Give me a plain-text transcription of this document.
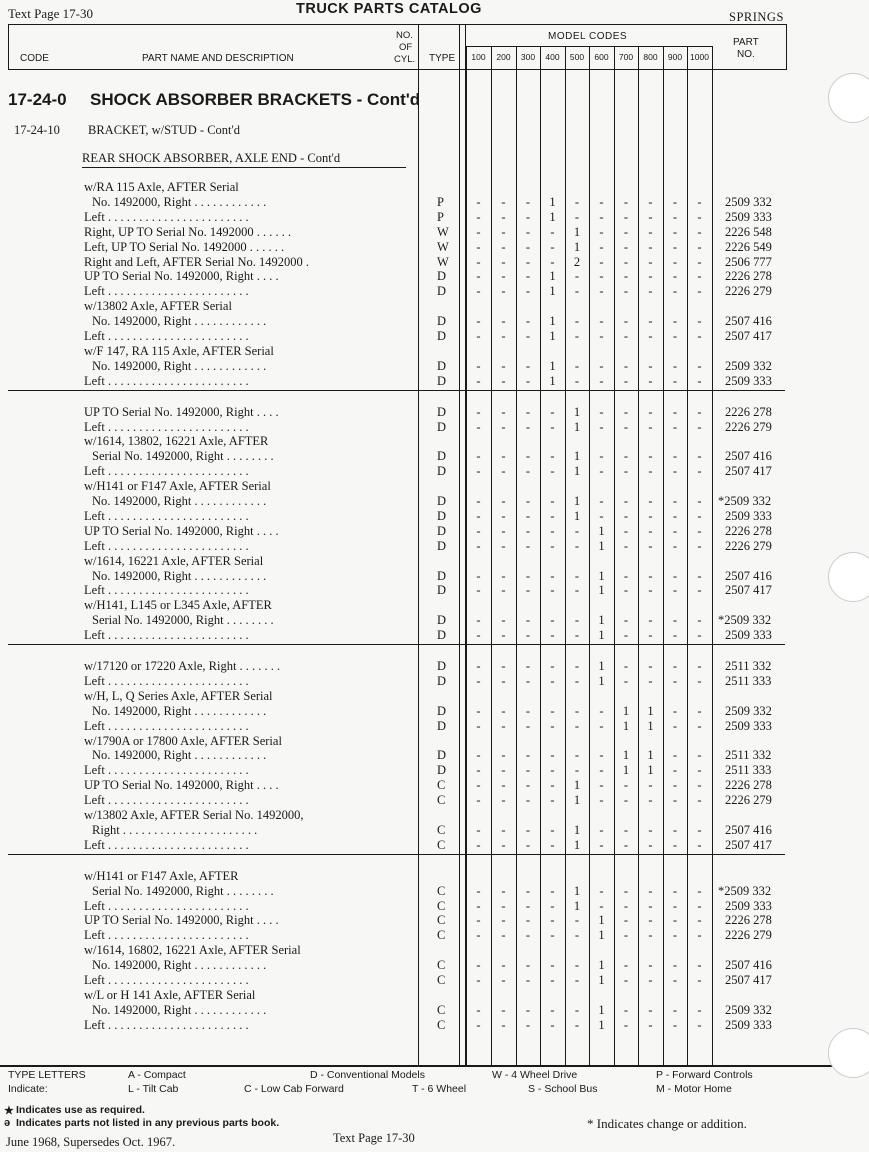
Text Page 17-30	TRUCK PARTS CATALOG	SPRINGS
CODE	PART NAME AND DESCRIPTION
NO.
OF
CYL. TYPE
MODEL CODES
PART
NO.
100	200	300	400	500	600	700	800	900 1000
17-24-0 SHOCK ABSORBER BRACKETS - Cont'd
17-24-10 BRACKET, w/STUD - Cont'd
REAR SHOCK ABSORBER, AXLE END - Cont'd
w/RA 115 Axle, AFTER Serial
No. 1492000, Right . . . . . . . . . . . .	P	-	-	-	1	-	-	-	-	-	-	2509 332
Left . . . . . . . . . . . . . . . . . . . . . . .	P	-	-	-	1	-	-	-	-	-	-	2509 333
Right, UP TO Serial No. 1492000 . . . . . .	W	-	-	-	-	1	-	-	-	-	-	2226 548
Left, UP TO Serial No. 1492000 . . . . . .	W	-	-	-	-	1	-	-	-	-	-	2226 549
Right and Left, AFTER Serial No. 1492000 .	W	-	-	-	-	2	-	-	-	-	-	2506 777
UP TO Serial No. 1492000, Right . . . .	D	-	-	-	1	-	-	-	-	-	-	2226 278
Left . . . . . . . . . . . . . . . . . . . . . . .	D	-	-	-	1	-	-	-	-	-	-	2226 279
w/13802 Axle, AFTER Serial
No. 1492000, Right . . . . . . . . . . . .	D	-	-	-	1	-	-	-	-	-	-	2507 416
Left . . . . . . . . . . . . . . . . . . . . . . .	D	-	-	-	1	-	-	-	-	-	-	2507 417
w/F 147, RA 115 Axle, AFTER Serial
No. 1492000, Right . . . . . . . . . . . .	D	-	-	-	1	-	-	-	-	-	-	2509 332
Left . . . . . . . . . . . . . . . . . . . . . . .	D	-	-	-	1	-	-	-	-	-	-	2509 333
UP TO Serial No. 1492000, Right . . . .	D	-	-	-	-	1	-	-	-	-	-	2226 278
Left . . . . . . . . . . . . . . . . . . . . . . .	D	-	-	-	-	1	-	-	-	-	-	2226 279
w/1614, 13802, 16221 Axle, AFTER
Serial No. 1492000, Right . . . . . . . .	D	-	-	-	-	1	-	-	-	-	-	2507 416
Left . . . . . . . . . . . . . . . . . . . . . . .	D	-	-	-	-	1	-	-	-	-	-	2507 417
w/H141 or F147 Axle, AFTER Serial
No. 1492000, Right . . . . . . . . . . . .	D	-	-	-	-	1	-	-	-	-	-	*2509 332
Left . . . . . . . . . . . . . . . . . . . . . . .	D	-	-	-	-	1	-	-	-	-	-	2509 333
UP TO Serial No. 1492000, Right . . . .	D	-	-	-	-	-	1	-	-	-	-	2226 278
Left . . . . . . . . . . . . . . . . . . . . . . .	D	-	-	-	-	-	1	-	-	-	-	2226 279
w/1614, 16221 Axle, AFTER Serial
No. 1492000, Right . . . . . . . . . . . .	D	-	-	-	-	-	1	-	-	-	-	2507 416
Left . . . . . . . . . . . . . . . . . . . . . . .	D	-	-	-	-	-	1	-	-	-	-	2507 417
w/H141, L145 or L345 Axle, AFTER
Serial No. 1492000, Right . . . . . . . .	D	-	-	-	-	-	1	-	-	-	-	*2509 332
Left . . . . . . . . . . . . . . . . . . . . . . .	D	-	-	-	-	-	1	-	-	-	-	2509 333
w/17120 or 17220 Axle, Right . . . . . . .	D	-	-	-	-	-	1	-	-	-	-	2511 332
Left . . . . . . . . . . . . . . . . . . . . . . .	D	-	-	-	-	-	1	-	-	-	-	2511 333
w/H, L, Q Series Axle, AFTER Serial
No. 1492000, Right . . . . . . . . . . . .	D	-	-	-	-	-	-	1	1	-	-	2509 332
Left . . . . . . . . . . . . . . . . . . . . . . .	D	-	-	-	-	-	-	1	1	-	-	2509 333
w/1790A or 17800 Axle, AFTER Serial
No. 1492000, Right . . . . . . . . . . . .	D	-	-	-	-	-	-	1	1	-	-	2511 332
Left . . . . . . . . . . . . . . . . . . . . . . .	D	-	-	-	-	-	-	1	1	-	-	2511 333
UP TO Serial No. 1492000, Right . . . .	C	-	-	-	-	1	-	-	-	-	-	2226 278
Left . . . . . . . . . . . . . . . . . . . . . . .	C	-	-	-	-	1	-	-	-	-	-	2226 279
w/13802 Axle, AFTER Serial No. 1492000,
Right . . . . . . . . . . . . . . . . . . . . . .	C	-	-	-	-	1	-	-	-	-	-	2507 416
Left . . . . . . . . . . . . . . . . . . . . . . .	C	-	-	-	-	1	-	-	-	-	-	2507 417
w/H141 or F147 Axle, AFTER
Serial No. 1492000, Right . . . . . . . .	C	-	-	-	-	1	-	-	-	-	-	*2509 332
Left . . . . . . . . . . . . . . . . . . . . . . .	C	-	-	-	-	1	-	-	-	-	-	2509 333
UP TO Serial No. 1492000, Right . . . .	C	-	-	-	-	-	1	-	-	-	-	2226 278
Left . . . . . . . . . . . . . . . . . . . . . . .	C	-	-	-	-	-	1	-	-	-	-	2226 279
w/1614, 16802, 16221 Axle, AFTER Serial
No. 1492000, Right . . . . . . . . . . . .	C	-	-	-	-	-	1	-	-	-	-	2507 416
Left . . . . . . . . . . . . . . . . . . . . . . .	C	-	-	-	-	-	1	-	-	-	-	2507 417
w/L or H 141 Axle, AFTER Serial
No. 1492000, Right . . . . . . . . . . . .	C	-	-	-	-	-	1	-	-	-	-	2509 332
Left . . . . . . . . . . . . . . . . . . . . . . .	C	-	-	-	-	-	1	-	-	-	-	2509 333
TYPE LETTERS
Indicate:
A - Compact	D - Conventional Models	W - 4 Wheel Drive	P - Forward Controls
L - Tilt Cab	C - Low Cab Forward	T - 6 Wheel	S - School Bus	M - Motor Home
★ Indicates use as required.
ǝ Indicates parts not listed in any previous parts book.	* Indicates change or addition.
June 1968, Supersedes Oct. 1967.	Text Page 17-30
